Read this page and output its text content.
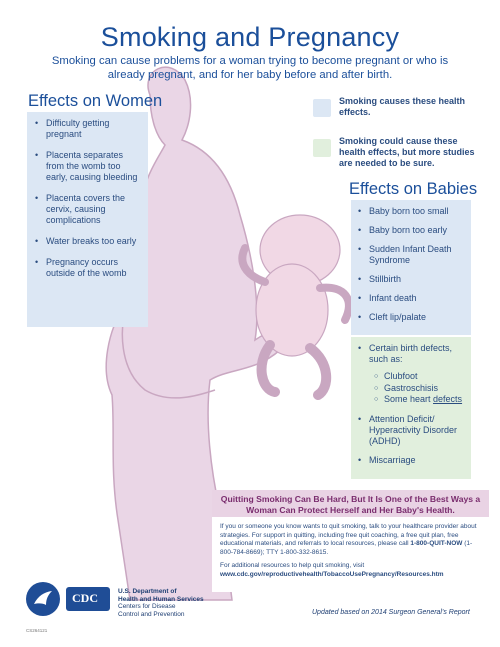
Smoking and Pregnancy
Smoking can cause problems for a woman trying to become pregnant or who is already pregnant, and for her baby before and after birth.
Effects on Women
• Difficulty getting pregnant
• Placenta separates from the womb too early, causing bleeding
• Placenta covers the cervix, causing complications
• Water breaks too early
• Pregnancy occurs outside of the womb
Smoking causes these health effects.
Smoking could cause these health effects, but more studies are needed to be sure.
Effects on Babies
• Baby born too small
• Baby born too early
• Sudden Infant Death Syndrome
• Stillbirth
• Infant death
• Cleft lip/palate
• Certain birth defects, such as:
○ Clubfoot
○ Gastroschisis
○ Some heart defects
• Attention Deficit/ Hyperactivity Disorder (ADHD)
• Miscarriage
Quitting Smoking Can Be Hard, But It Is One of the Best Ways a Woman Can Protect Herself and Her Baby's Health.

If you or someone you know wants to quit smoking, talk to your healthcare provider about strategies. For support in quitting, including free quit coaching, a free quit plan, free educational materials, and referrals to local resources, please call 1-800-QUIT-NOW (1-800-784-8669); TTY 1-800-332-8615.

For additional resources to help quit smoking, visit
www.cdc.gov/reproductivehealth/TobaccoUsePregnancy/Resources.htm

CDC	U.S. Department of
Health and Human Services
Centers for Disease
Control and Prevention
CS264121
Updated based on 2014 Surgeon General's Report
